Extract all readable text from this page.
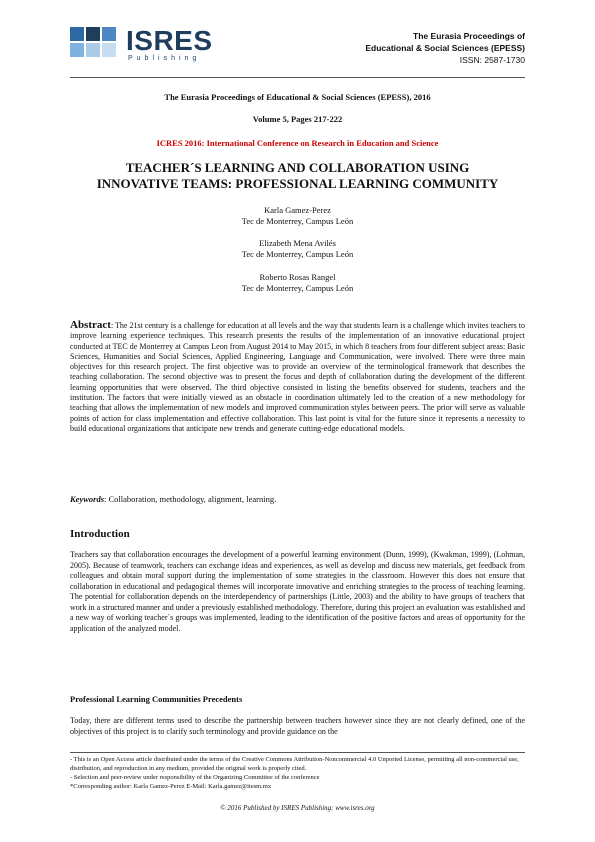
ISRES
Publishing
The Eurasia Proceedings of
Educational & Social Sciences (EPESS)
ISSN: 2587-1730
The Eurasia Proceedings of Educational & Social Sciences (EPESS), 2016
Volume 5, Pages 217-222
ICRES 2016: International Conference on Research in Education and Science
TEACHER´S LEARNING AND COLLABORATION USING
INNOVATIVE TEAMS: PROFESSIONAL LEARNING COMMUNITY
Karla Gamez-Perez
Tec de Monterrey, Campus León
Elizabeth Mena Avilés
Tec de Monterrey, Campus León
Roberto Rosas Rangel
Tec de Monterrey, Campus León
Abstract: The 21st century is a challenge for education at all levels and the way that students learn is a challenge which invites teachers to improve learning experience techniques. This research presents the results of the implementation of an innovative educational project conducted at TEC de Monterrey at Campus Leon from August 2014 to May 2015, in which 8 teachers from four different subject areas: Basic Sciences, Humanities and Social Sciences, Applied Engineering, Language and Communication, were involved. There were three main objectives for this research project. The first objective was to provide an overview of the terminological framework that describes the teaching collaboration. The second objective was to present the focus and depth of collaboration during the development of the different learning opportunities that were observed. The third objective consisted in listing the benefits observed for students, teachers and the institution. The factors that were initially viewed as an obstacle in coordination ultimately led to the creation of a new methodology for teaching that allows the implementation of new models and improved communication styles between peers. The prior will serve as valuable points of action for class implementation and effective collaboration. This last point is vital for the future since it represents a necessity to build educational organizations that anticipate new trends and generate cutting-edge educational models.
Keywords: Collaboration, methodology, alignment, learning.
Introduction
Teachers say that collaboration encourages the development of a powerful learning environment (Dunn, 1999), (Kwakman, 1999), (Lohman, 2005). Because of teamwork, teachers can exchange ideas and experiences, as well as develop and discuss new materials, get feedback from colleagues and obtain moral support during the implementation of some strategies in the classroom. However this does not ensure that collaboration in educational and pedagogical themes will incorporate innovative and enriching strategies to the process of teaching learning. The potential for collaboration depends on the interdependency of partnerships (Little, 2003) and the ability to have groups of teachers that work in a structured manner and under a previously established methodology. Therefore, during this project an evaluation was established and a new way of working teacher´s groups was implemented, leading to the identification of the positive factors and areas of opportunity for the application of the analyzed model.
Professional Learning Communities Precedents
Today, there are different terms used to describe the partnership between teachers however since they are not clearly defined, one of the objectives of this project is to clarify such terminology and provide guidance on the
- This is an Open Access article distributed under the terms of the Creative Commons Attribution-Noncommercial 4.0 Unported License, permitting all non-commercial use, distribution, and reproduction in any medium, provided the original work is properly cited.
- Selection and peer-review under responsibility of the Organizing Committee of the conference
*Corresponding author: Karla Gamez-Perez E-Mail: Karla.gamez@itesm.mx
© 2016 Published by ISRES Publishing: www.isres.org
